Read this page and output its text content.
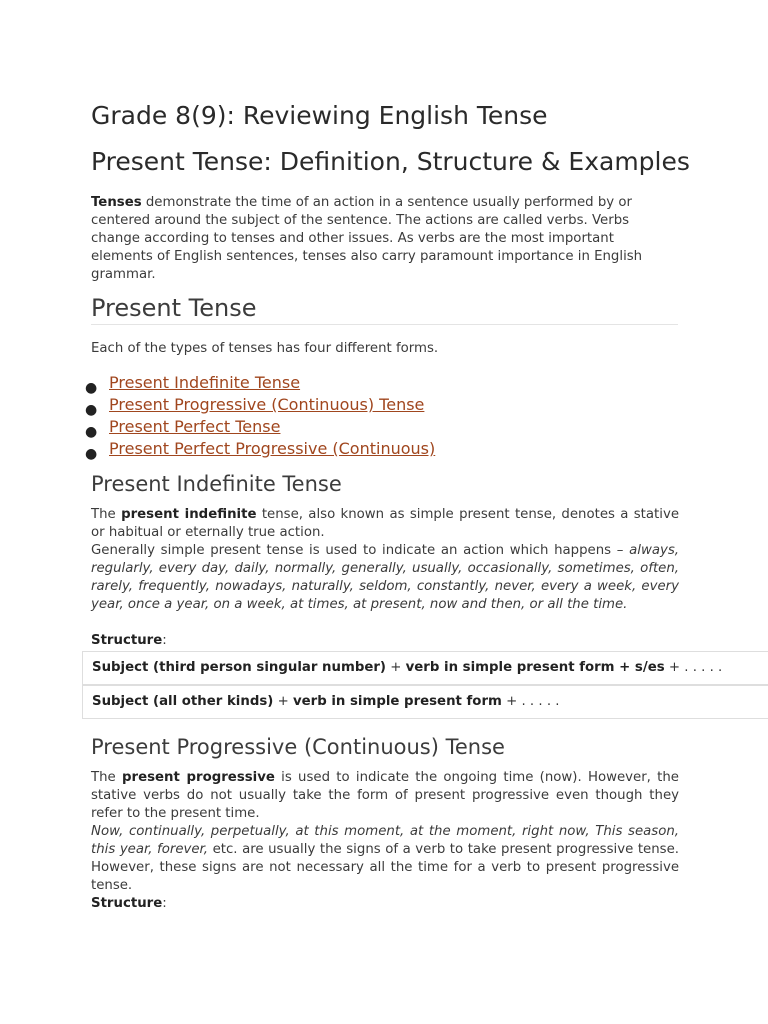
Grade 8(9): Reviewing English Tense
Present Tense: Definition, Structure & Examples

Tenses demonstrate the time of an action in a sentence usually performed by or centered around the subject of the sentence. The actions are called verbs. Verbs change according to tenses and other issues. As verbs are the most important elements of English sentences, tenses also carry paramount importance in English grammar.

Present Tense

Each of the types of tenses has four different forms.

● Present Indefinite Tense
● Present Progressive (Continuous) Tense
● Present Perfect Tense
● Present Perfect Progressive (Continuous)
Present Indefinite Tense

The present indefinite tense, also known as simple present tense, denotes a stative or habitual or eternally true action.

Generally simple present tense is used to indicate an action which happens – always, regularly, every day, daily, normally, generally, usually, occasionally, sometimes, often, rarely, frequently, nowadays, naturally, seldom, constantly, never, every a week, every year, once a year, on a week, at times, at present, now and then, or all the time.

Structure:

Subject (third person singular number) + verb in simple present form + s/es + . . . . .
Subject (all other kinds) + verb in simple present form + . . . . .
Present Progressive (Continuous) Tense

The present progressive is used to indicate the ongoing time (now). However, the stative verbs do not usually take the form of present progressive even though they refer to the present time.

Now, continually, perpetually, at this moment, at the moment, right now, This season, this year, forever, etc. are usually the signs of a verb to take present progressive tense. However, these signs are not necessary all the time for a verb to present progressive tense.

Structure:
